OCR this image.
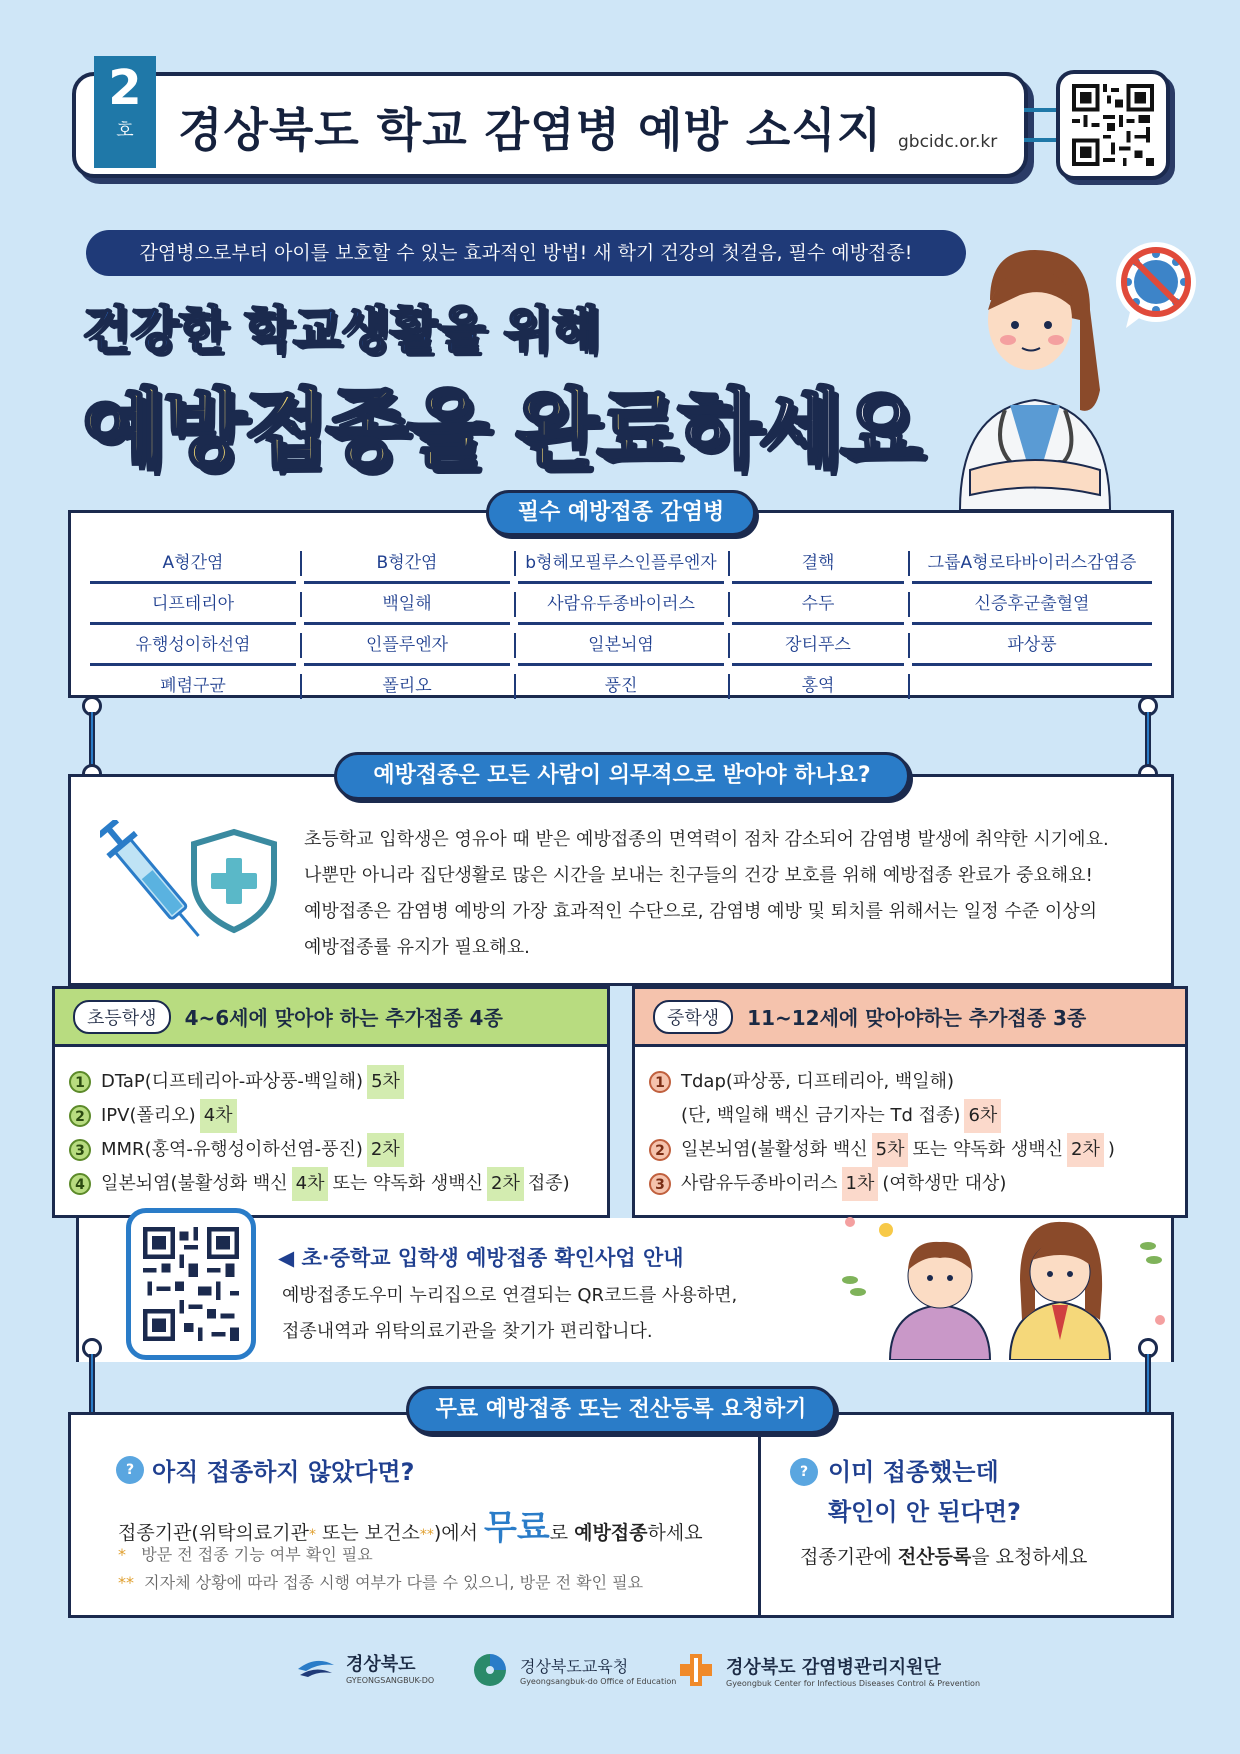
2
호 경상북도 학교 감염병 예방 소식지 gbcidc.or.kr
감염병으로부터 아이를 보호할 수 있는 효과적인 방법! 새 학기 건강의 첫걸음, 필수 예방접종!
건강한 학교생활을 위해
예방접종을 완료하세요
필수 예방접종 감염병
A형간염	B형간염	b형헤모필루스인플루엔자	결핵	그룹A형로타바이러스감염증
디프테리아	백일해	사람유두종바이러스	수두	신증후군출혈열
유행성이하선염	인플루엔자	일본뇌염	장티푸스	파상풍
폐렴구균	폴리오	풍진	홍역
예방접종은 모든 사람이 의무적으로 받아야 하나요?
초등학교 입학생은 영유아 때 받은 예방접종의 면역력이 점차 감소되어 감염병 발생에 취약한 시기에요.
나뿐만 아니라 집단생활로 많은 시간을 보내는 친구들의 건강 보호를 위해 예방접종 완료가 중요해요!
예방접종은 감염병 예방의 가장 효과적인 수단으로, 감염병 예방 및 퇴치를 위해서는 일정 수준 이상의
예방접종률 유지가 필요해요.
초등학생	4~6세에 맞아야 하는 추가접종 4종
1 DTaP(디프테리아-파상풍-백일해) 5차
2 IPV(폴리오) 4차
3 MMR(홍역-유행성이하선염-풍진) 2차
4 일본뇌염(불활성화 백신 4차 또는 약독화 생백신 2차 접종)
중학생	11~12세에 맞아야하는 추가접종 3종
1 Tdap(파상풍, 디프테리아, 백일해)
(단, 백일해 백신 금기자는 Td 접종) 6차
2 일본뇌염(불활성화 백신 5차 또는 약독화 생백신 2차 )
3 사람유두종바이러스 1차 (여학생만 대상)
◀ 초·중학교 입학생 예방접종 확인사업 안내
예방접종도우미 누리집으로 연결되는 QR코드를 사용하면,
접종내역과 위탁의료기관을 찾기가 편리합니다.
무료 예방접종 또는 전산등록 요청하기
? 아직 접종하지 않았다면?
접종기관(위탁의료기관* 또는 보건소**)에서 무료로 예방접종하세요
* 방문 전 접종 기능 여부 확인 필요
** 지자체 상황에 따라 접종 시행 여부가 다를 수 있으니, 방문 전 확인 필요
? 이미 접종했는데
확인이 안 된다면?
접종기관에 전산등록을 요청하세요
경상북도
GYEONGSANGBUK-DO
경상북도교육청
Gyeongsangbuk-do Office of Education
경상북도 감염병관리지원단
Gyeongbuk Center for Infectious Diseases Control & Prevention
